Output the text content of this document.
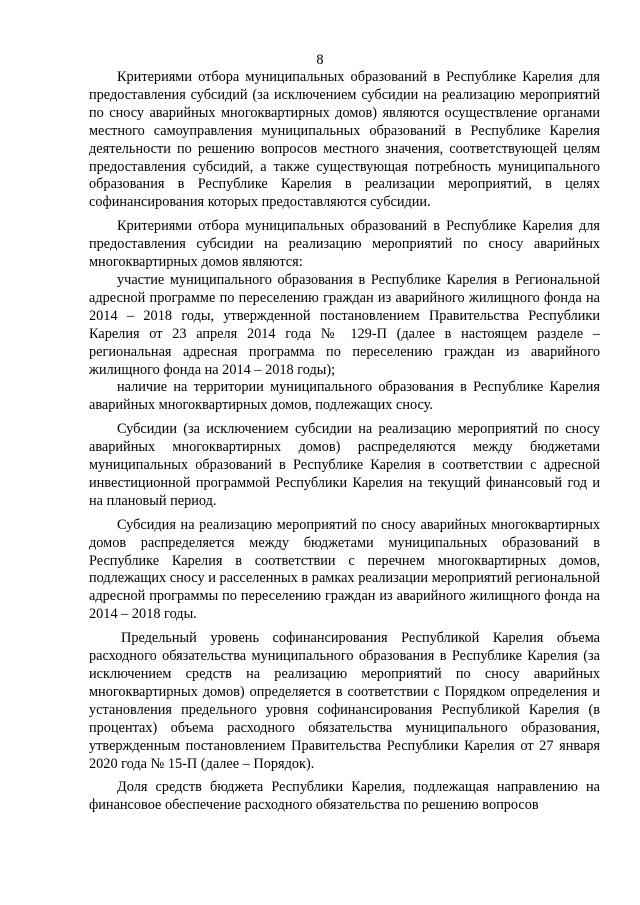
8

Критериями отбора муниципальных образований в Республике Карелия для предоставления субсидий (за исключением субсидии на реализацию мероприятий по сносу аварийных многоквартирных домов) являются осуществление органами местного самоуправления муниципальных образований в Республике Карелия деятельности по решению вопросов местного значения, соответствующей целям предоставления субсидий, а также существующая потребность муниципального образования в Республике Карелия в реализации мероприятий, в целях софинансирования которых предоставляются субсидии.

Критериями отбора муниципальных образований в Республике Карелия для предоставления субсидии на реализацию мероприятий по сносу аварийных многоквартирных домов являются:

участие муниципального образования в Республике Карелия в Региональной адресной программе по переселению граждан из аварийного жилищного фонда на 2014 – 2018 годы, утвержденной постановлением Правительства Республики Карелия от 23 апреля 2014 года № 129-П (далее в настоящем разделе – региональная адресная программа по переселению граждан из аварийного жилищного фонда на 2014 – 2018 годы);

наличие на территории муниципального образования в Республике Карелия аварийных многоквартирных домов, подлежащих сносу.

Субсидии (за исключением субсидии на реализацию мероприятий по сносу аварийных многоквартирных домов) распределяются между бюджетами муниципальных образований в Республике Карелия в соответствии с адресной инвестиционной программой Республики Карелия на текущий финансовый год и на плановый период.

Субсидия на реализацию мероприятий по сносу аварийных многоквартирных домов распределяется между бюджетами муниципальных образований в Республике Карелия в соответствии с перечнем многоквартирных домов, подлежащих сносу и расселенных в рамках реализации мероприятий региональной адресной программы по переселению граждан из аварийного жилищного фонда на 2014 – 2018 годы.

Предельный уровень софинансирования Республикой Карелия объема расходного обязательства муниципального образования в Республике Карелия (за исключением средств на реализацию мероприятий по сносу аварийных многоквартирных домов) определяется в соответствии с Порядком определения и установления предельного уровня софинансирования Республикой Карелия (в процентах) объема расходного обязательства муниципального образования, утвержденным постановлением Правительства Республики Карелия от 27 января 2020 года № 15-П (далее – Порядок).

Доля средств бюджета Республики Карелия, подлежащая направлению на финансовое обеспечение расходного обязательства по решению вопросов
